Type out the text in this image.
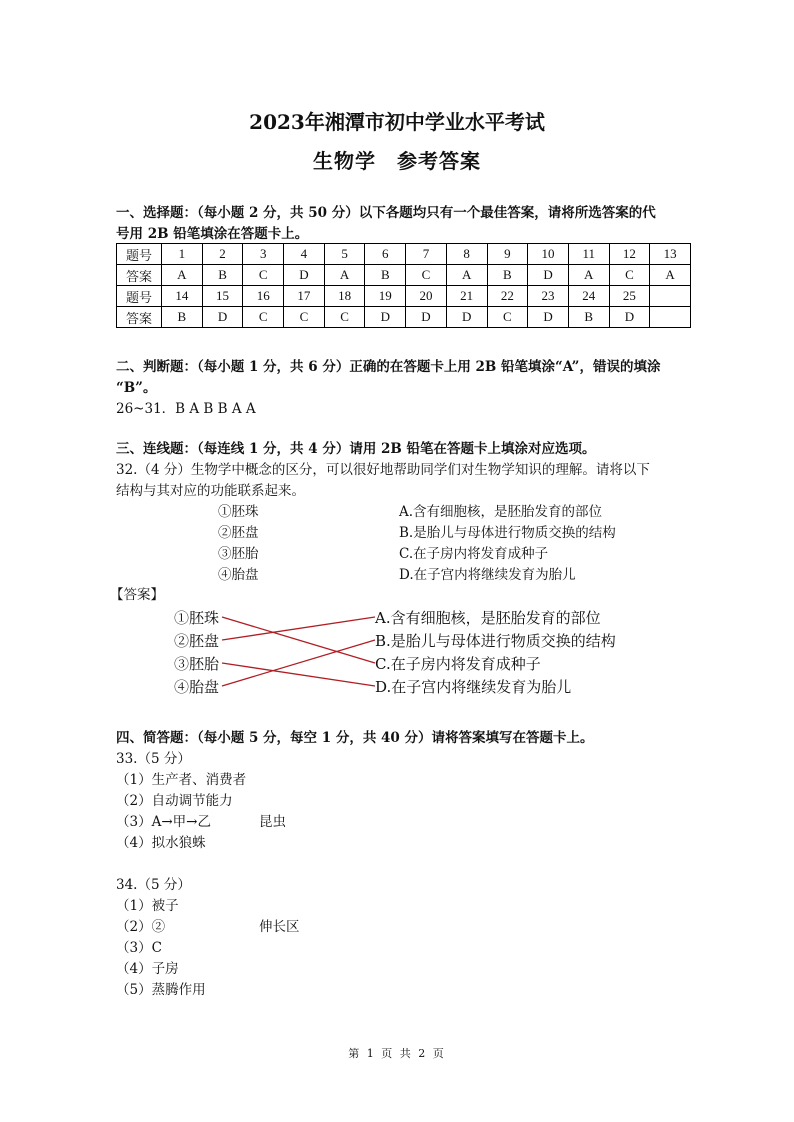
2023年湘潭市初中学业水平考试
生物学　参考答案
一、选择题：（每小题 2 分，共 50 分）以下各题均只有一个最佳答案，请将所选答案的代
号用 2B 铅笔填涂在答题卡上。
题号	1	2	3	4	5	6	7	8	9	10	11	12	13
答案	A	B	C	D	A	B	C	A	B	D	A	C	A
题号	14	15	16	17	18	19	20	21	22	23	24	25	
答案	B	D	C	C	C	D	D	D	C	D	B	D	
二、判断题：（每小题 1 分，共 6 分）正确的在答题卡上用 2B 铅笔填涂“A”，错误的填涂
“B”。
26~31．B A B B A A
三、连线题：（每连线 1 分，共 4 分）请用 2B 铅笔在答题卡上填涂对应选项。
32.（4 分）生物学中概念的区分，可以很好地帮助同学们对生物学知识的理解。请将以下
结构与其对应的功能联系起来。
①胚珠
②胚盘
③胚胎
④胎盘
A.含有细胞核，是胚胎发育的部位
B.是胎儿与母体进行物质交换的结构
C.在子房内将发育成种子
D.在子宫内将继续发育为胎儿
【答案】
①胚珠
②胚盘
③胚胎
④胎盘
A.含有细胞核，是胚胎发育的部位
B.是胎儿与母体进行物质交换的结构
C.在子房内将发育成种子
D.在子宫内将继续发育为胎儿
四、简答题：（每小题 5 分，每空 1 分，共 40 分）请将答案填写在答题卡上。
33.（5 分）
（1）生产者、消费者
（2）自动调节能力
（3）A→甲→乙	昆虫
（4）拟水狼蛛
34.（5 分）
（1）被子
（2）②	伸长区
（3）C
（4）子房
（5）蒸腾作用
第 1 页 共 2 页
